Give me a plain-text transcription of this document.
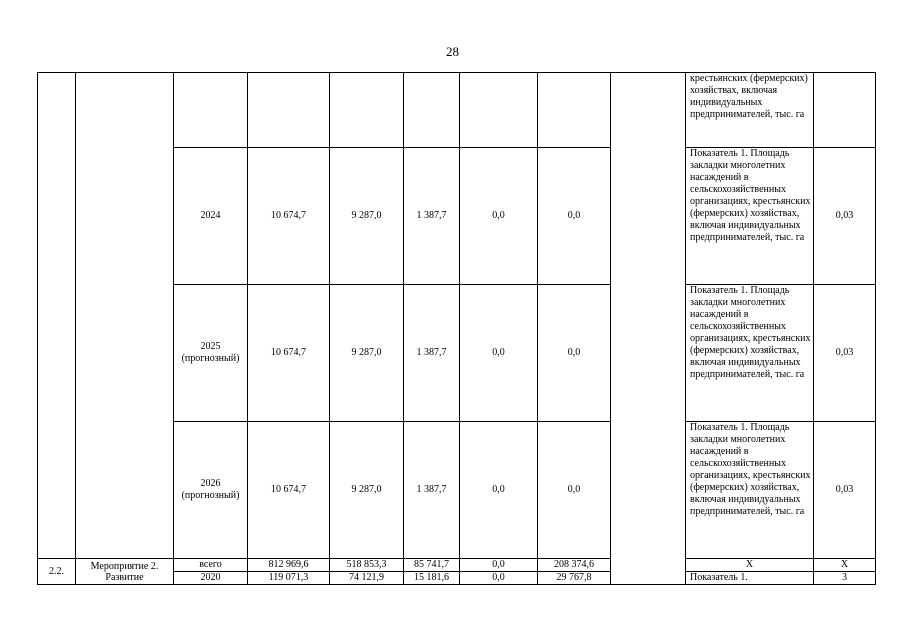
28
									крестьянских (фермерских) хозяйствах, включая индивидуальных предпринимателей, тыс. га	

		2024	10 674,7	9 287,0	1 387,7	0,0	0,0		Показатель 1. Площадь закладки многолетних насаждений в сельскохозяйственных организациях, крестьянских (фермерских) хозяйствах, включая индивидуальных предпринимателей, тыс. га	0,03

		2025
(прогнозный)	10 674,7	9 287,0	1 387,7	0,0	0,0		Показатель 1. Площадь закладки многолетних насаждений в сельскохозяйственных организациях, крестьянских (фермерских) хозяйствах, включая индивидуальных предпринимателей, тыс. га	0,03

		2026
(прогнозный)	10 674,7	9 287,0	1 387,7	0,0	0,0		Показатель 1. Площадь закладки многолетних насаждений в сельскохозяйственных организациях, крестьянских (фермерских) хозяйствах, включая индивидуальных предпринимателей, тыс. га	0,03
2.2.	Мероприятие 2.
Развитие	всего	812 969,6	518 853,3	85 741,7	0,0	208 374,6		Х	Х
		2020	119 071,3	74 121,9	15 181,6	0,0	29 767,8		Показатель 1.	3
